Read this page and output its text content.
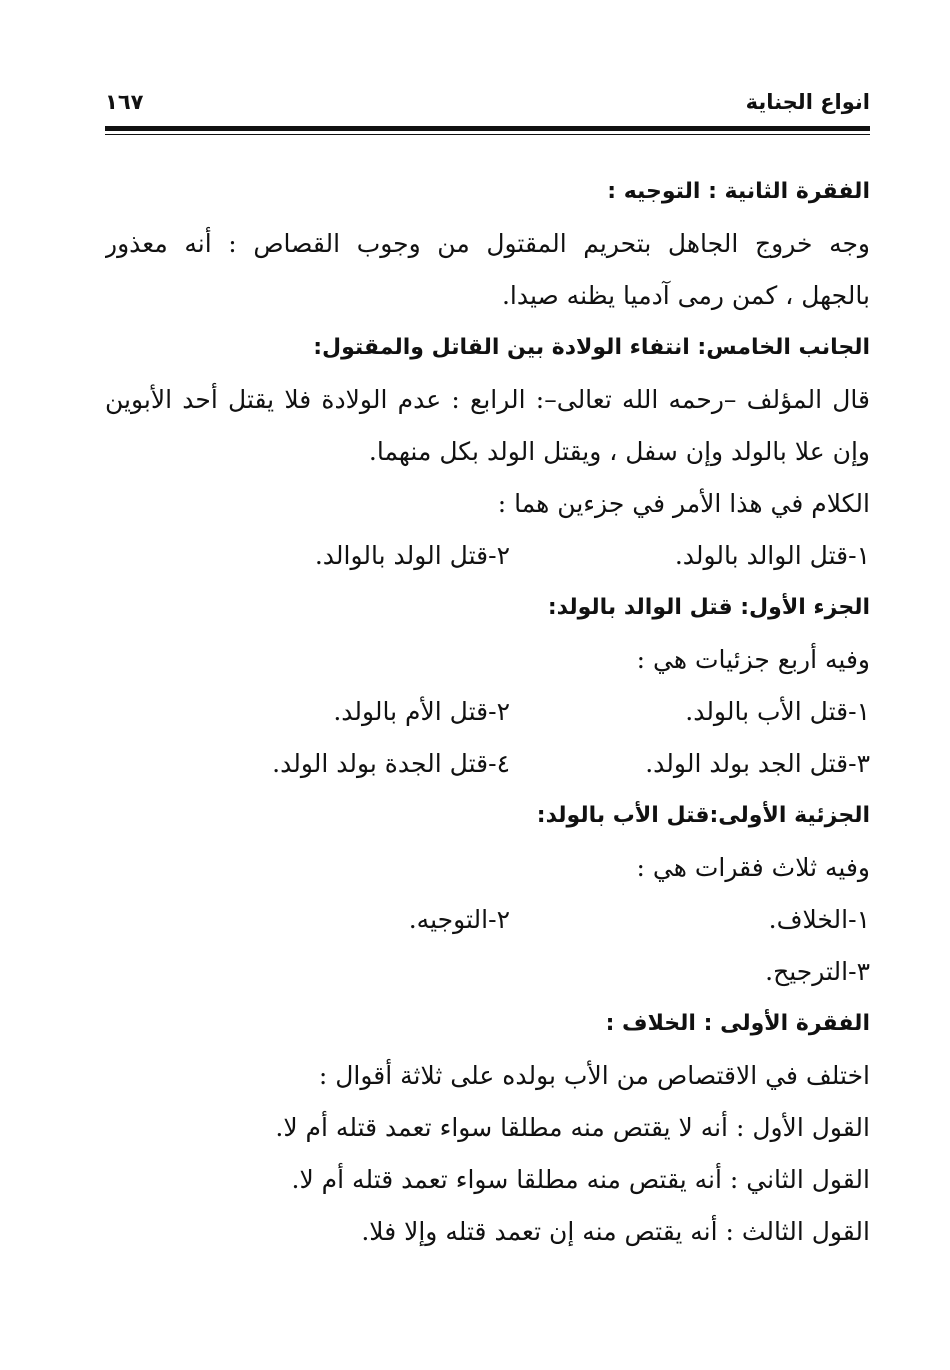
انواع الجناية
١٦٧
الفقرة الثانية : التوجيه :
وجه خروج الجاهل بتحريم المقتول من وجوب القصاص : أنه معذور
بالجهل ، كمن رمى آدميا يظنه صيدا.
الجانب الخامس: انتفاء الولادة بين القاتل والمقتول:
قال المؤلف –رحمه الله تعالى–: الرابع : عدم الولادة فلا يقتل أحد الأبوين
وإن علا بالولد وإن سفل ، ويقتل الولد بكل منهما.
الكلام في هذا الأمر في جزءين هما :
١-قتل الوالد بالولد.
٢-قتل الولد بالوالد.
الجزء الأول: قتل الوالد بالولد:
وفيه أربع جزئيات هي :
١-قتل الأب بالولد.
٢-قتل الأم بالولد.
٣-قتل الجد بولد الولد.
٤-قتل الجدة بولد الولد.
الجزئية الأولى:قتل الأب بالولد:
وفيه ثلاث فقرات هي :
١-الخلاف.
٢-التوجيه.
٣-الترجيح.
الفقرة الأولى : الخلاف :
اختلف في الاقتصاص من الأب بولده على ثلاثة أقوال :
القول الأول : أنه لا يقتص منه مطلقا سواء تعمد قتله أم لا.
القول الثاني : أنه يقتص منه مطلقا سواء تعمد قتله أم لا.
القول الثالث : أنه يقتص منه إن تعمد قتله وإلا فلا.
